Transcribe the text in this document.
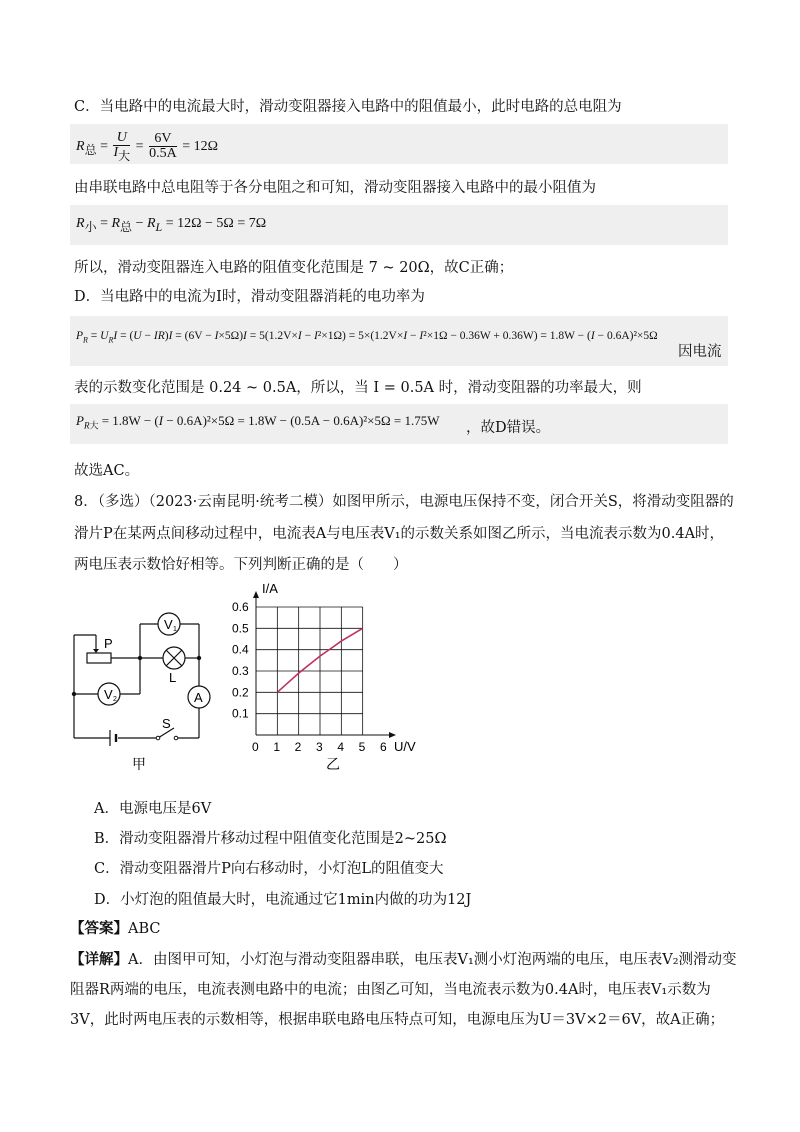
C．当电路中的电流最大时，滑动变阻器接入电路中的阻值最小，此时电路的总电阻为
$R_总 = \frac{U}{I_大} = \frac{6V}{0.5A} = 12\Omega$
由串联电路中总电阻等于各分电阻之和可知，滑动变阻器接入电路中的最小阻值为
$R_小 = R_总 - R_L = 12\Omega - 5\Omega = 7\Omega$
所以，滑动变阻器连入电路的阻值变化范围是 7 ~ 20Ω，故C正确；
D．当电路中的电流为I时，滑动变阻器消耗的电功率为
$P_R = U_RI = (U - IR)I = (6V - I\times 5\Omega)I = 5(1.2V\times I - I^2\times 1\Omega) = 5\times(1.2V\times I - I^2\times 1\Omega - 0.36W + 0.36W) = 1.8W - (I - 0.6A)^2\times 5\Omega$
因电流
表的示数变化范围是 0.24 ~ 0.5A，所以，当 I = 0.5A 时，滑动变阻器的功率最大，则
$P_{R大} = 1.8W - (I - 0.6A)^2\times 5\Omega = 1.8W - (0.5A - 0.6A)^2\times 5\Omega = 1.75W$ ，故D错误。
故选AC。
8．（多选）（2023·云南昆明·统考二模）如图甲所示，电源电压保持不变，闭合开关S，将滑动变阻器的
滑片P在某两点间移动过程中，电流表A与电压表V₁的示数关系如图乙所示，当电流表示数为0.4A时，
两电压表示数恰好相等。下列判断正确的是（　　）
V 1
V 2	A
P
L
S
甲
0 1 2 3 4 5 6
0.1
0.2
0.3
0.4
0.5
0.6
I/A
U/V
乙
A．电源电压是6V
B．滑动变阻器滑片移动过程中阻值变化范围是2~25Ω
C．滑动变阻器滑片P向右移动时，小灯泡L的阻值变大
D．小灯泡的阻值最大时，电流通过它1min内做的功为12J
【答案】ABC
【详解】A．由图甲可知，小灯泡与滑动变阻器串联，电压表V₁测小灯泡两端的电压，电压表V₂测滑动变
阻器R两端的电压，电流表测电路中的电流；由图乙可知，当电流表示数为0.4A时，电压表V₁示数为
3V，此时两电压表的示数相等，根据串联电路电压特点可知，电源电压为U＝3V×2＝6V，故A正确；
